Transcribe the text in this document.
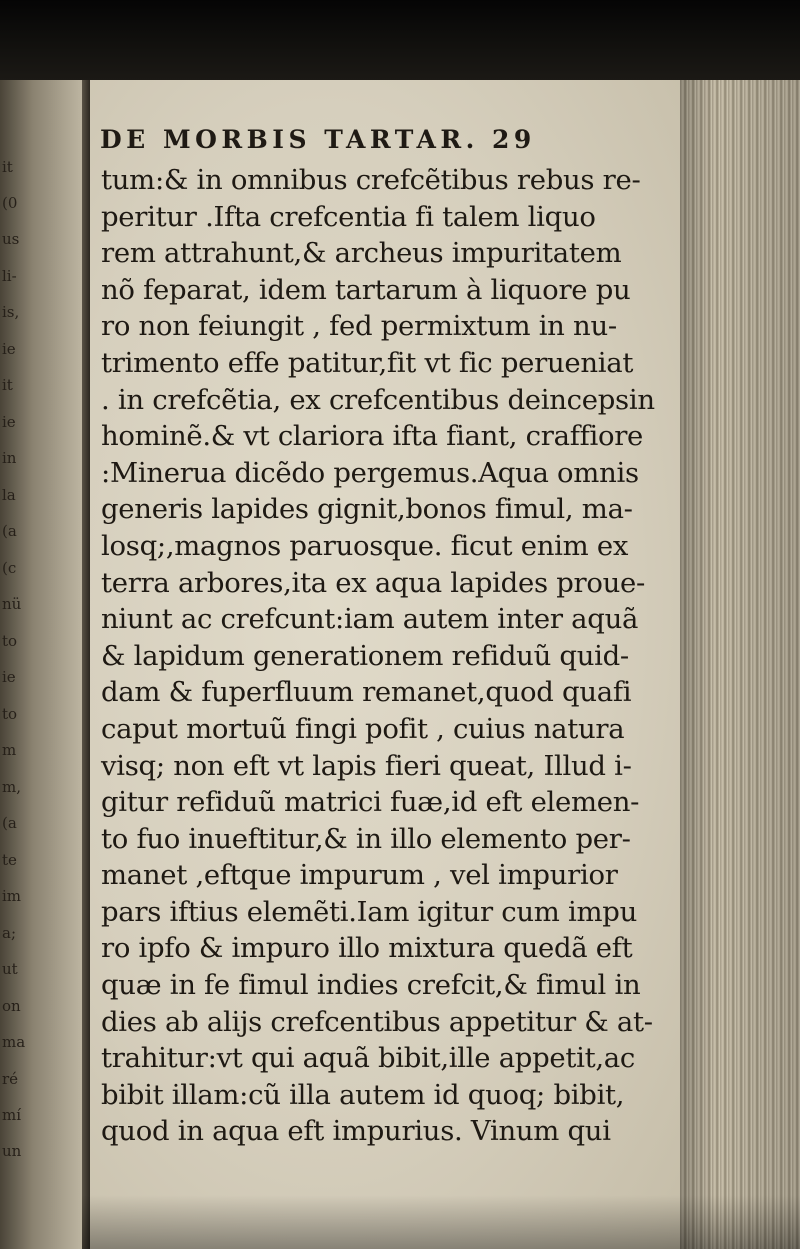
it
(0
us
li-
is,
ie
it
ie
in
la
(a
(c
nü
to
ie
to
m
m,
(a
te
im
a;
ut
on
ma
ré
mí
un
DE MORBIS TARTAR. 29
tum:& in omnibus crefcẽtibus rebus re-
peritur .Ifta crefcentia fi talem liquo
rem attrahunt,& archeus impuritatem
nõ feparat, idem tartarum à liquore pu
ro non feiungit , fed permixtum in nu-
trimento effe patitur,fit vt fic perueniat
. in crefcẽtia, ex crefcentibus deincepsin
hominẽ.& vt clariora ifta fiant, craffiore
:Minerua dicẽdo pergemus.Aqua omnis
generis lapides gignit,bonos fimul, ma-
losq;,magnos paruosque. ficut enim ex
terra arbores,ita ex aqua lapides proue-
niunt ac crefcunt:iam autem inter aquã
& lapidum generationem refiduũ quid-
dam & fuperfluum remanet,quod quafi
caput mortuũ fingi pofit , cuius natura
visq; non eft vt lapis fieri queat, Illud i-
gitur refiduũ matrici fuæ,id eft elemen-
to fuo inueftitur,& in illo elemento per-
manet ,eftque impurum , vel impurior
pars iftius elemẽti.Iam igitur cum impu
ro ipfo & impuro illo mixtura quedã eft
quæ in fe fimul indies crefcit,& fimul in
dies ab alijs crefcentibus appetitur & at-
trahitur:vt qui aquã bibit,ille appetit,ac
bibit illam:cũ illa autem id quoq; bibit,
quod in aqua eft impurius. Vinum qui
